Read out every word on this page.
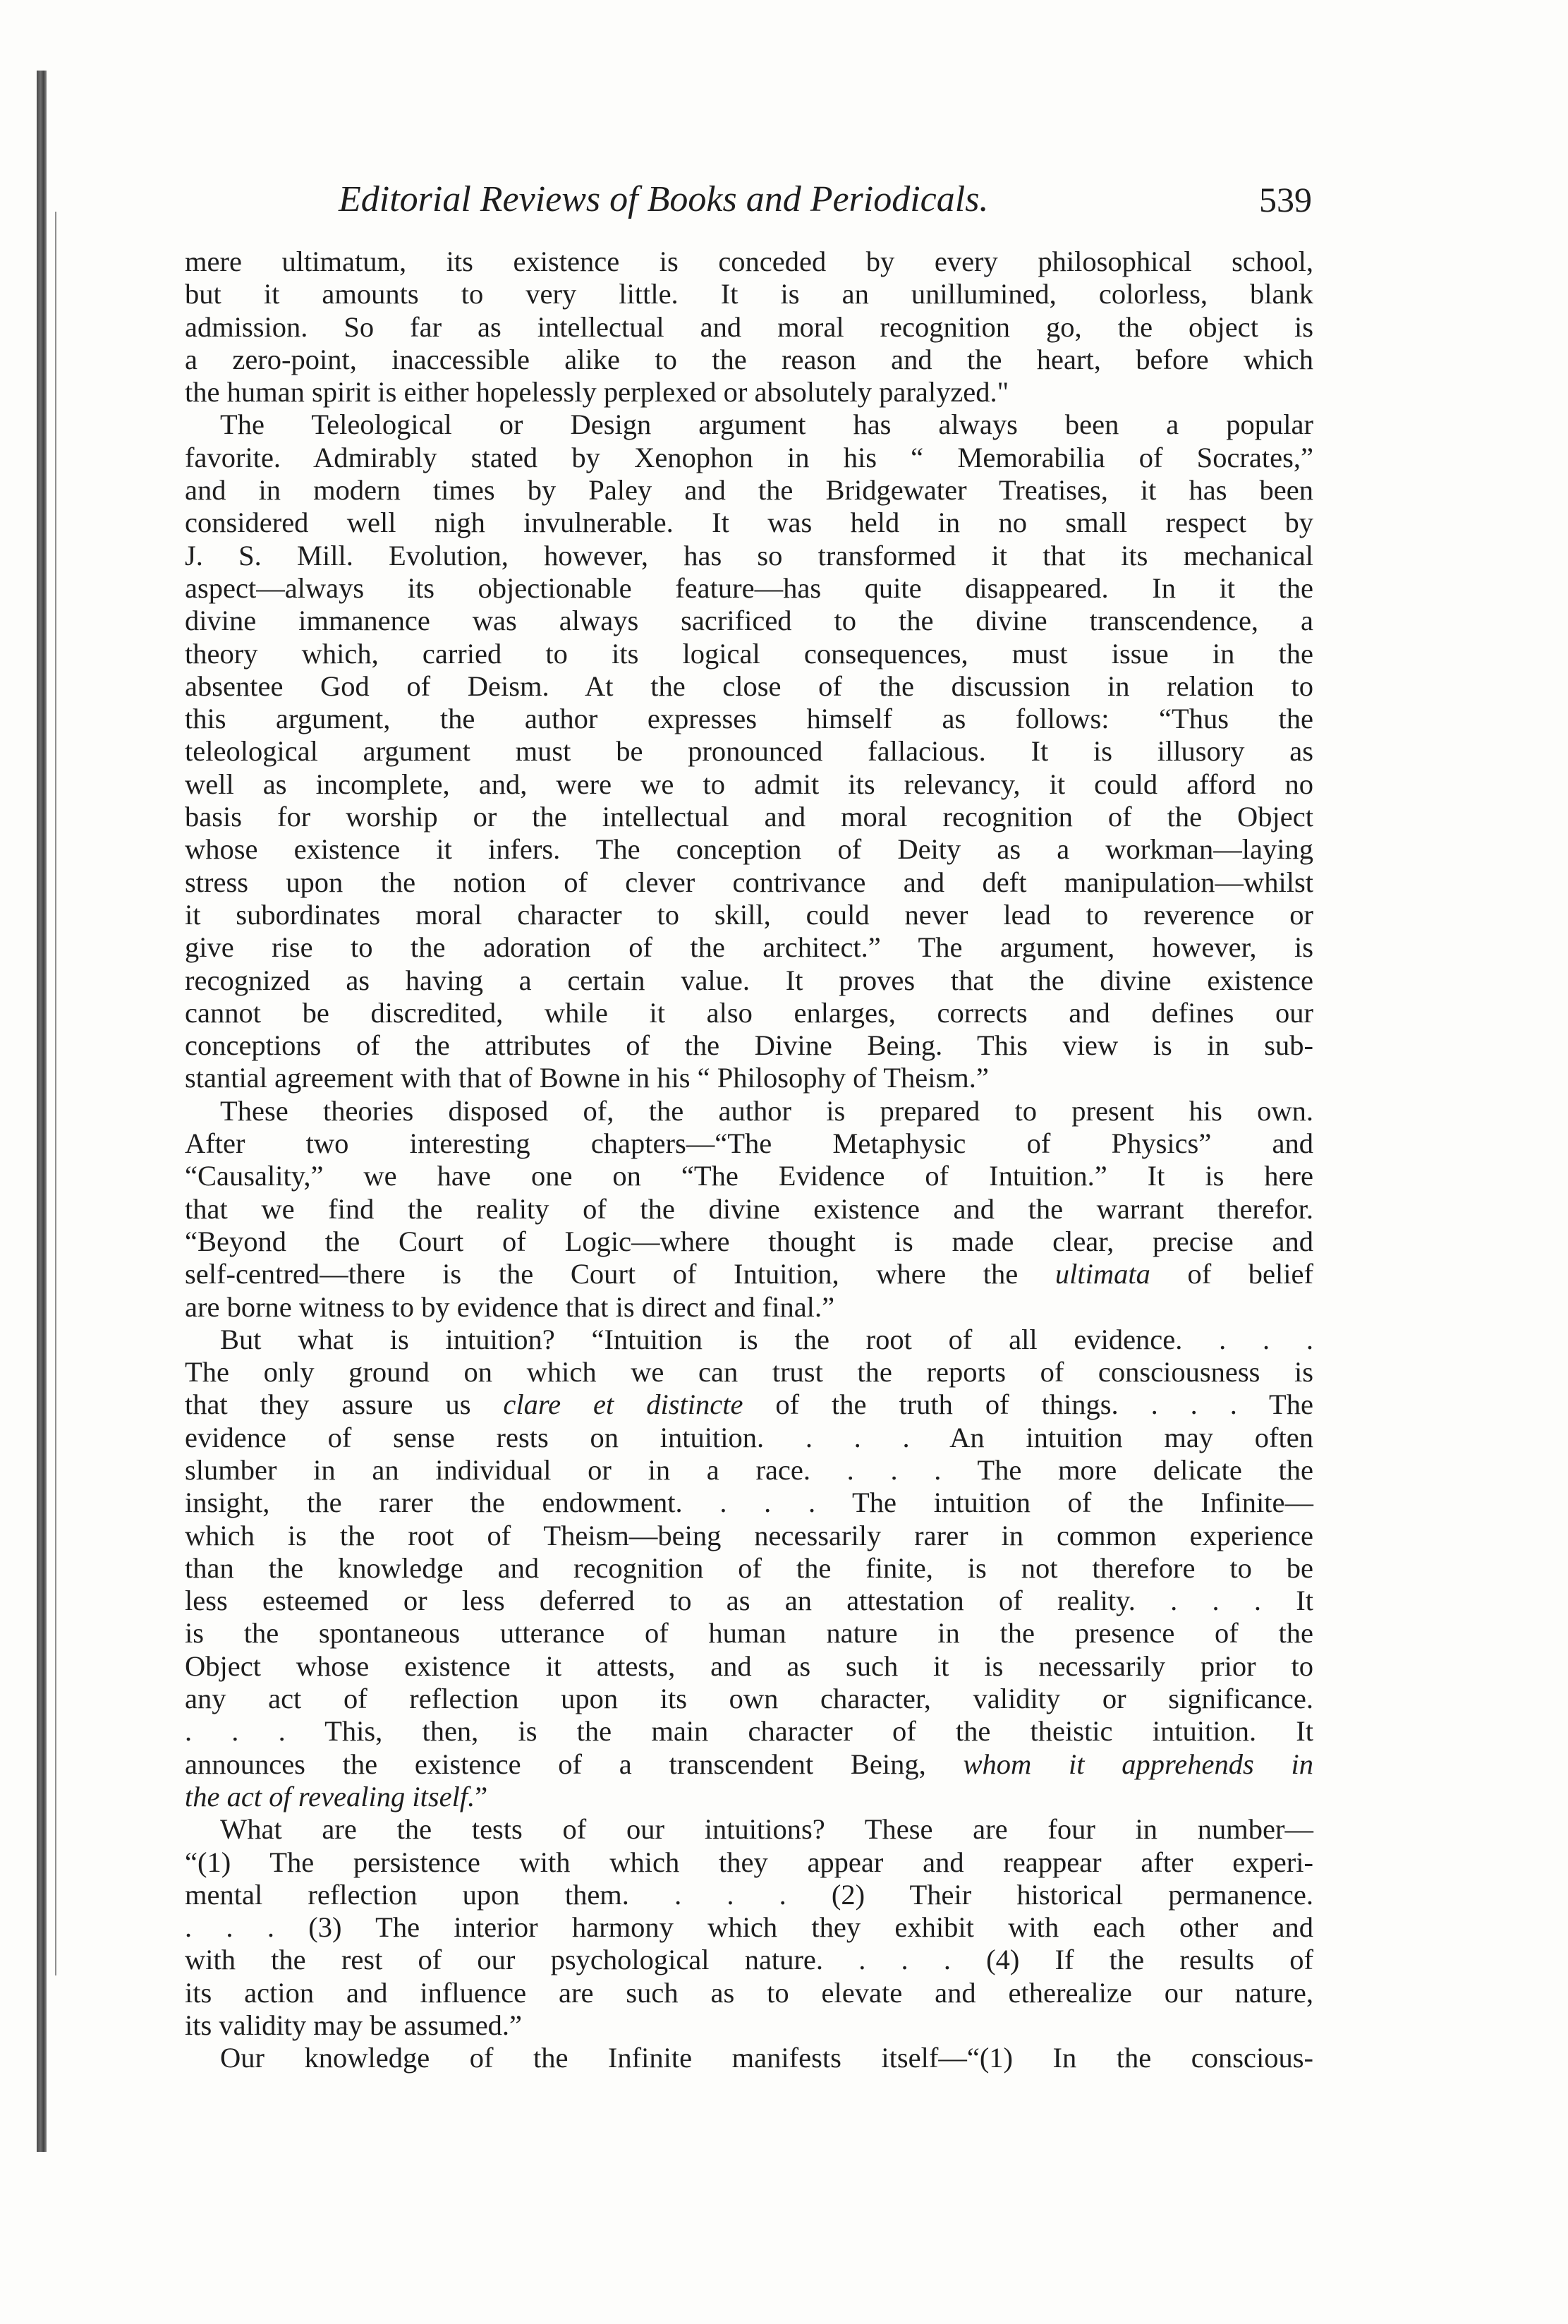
Editorial Reviews of Books and Periodicals.	539
mere ultimatum, its existence is conceded by every philosophical school,
but it amounts to very little. It is an unillumined, colorless, blank
admission. So far as intellectual and moral recognition go, the object is
a zero-point, inaccessible alike to the reason and the heart, before which
the human spirit is either hopelessly perplexed or absolutely paralyzed."
The Teleological or Design argument has always been a popular
favorite. Admirably stated by Xenophon in his “ Memorabilia of Socrates,”
and in modern times by Paley and the Bridgewater Treatises, it has been
considered well nigh invulnerable. It was held in no small respect by
J. S. Mill. Evolution, however, has so transformed it that its mechanical
aspect—always its objectionable feature—has quite disappeared. In it the
divine immanence was always sacrificed to the divine transcendence, a
theory which, carried to its logical consequences, must issue in the
absentee God of Deism. At the close of the discussion in relation to
this argument, the author expresses himself as follows: “Thus the
teleological argument must be pronounced fallacious. It is illusory as
well as incomplete, and, were we to admit its relevancy, it could afford no
basis for worship or the intellectual and moral recognition of the Object
whose existence it infers. The conception of Deity as a workman—laying
stress upon the notion of clever contrivance and deft manipulation—whilst
it subordinates moral character to skill, could never lead to reverence or
give rise to the adoration of the architect.” The argument, however, is
recognized as having a certain value. It proves that the divine existence
cannot be discredited, while it also enlarges, corrects and defines our
conceptions of the attributes of the Divine Being. This view is in sub-
stantial agreement with that of Bowne in his “ Philosophy of Theism.”
These theories disposed of, the author is prepared to present his own.
After two interesting chapters—“The Metaphysic of Physics” and
“Causality,” we have one on “The Evidence of Intuition.” It is here
that we find the reality of the divine existence and the warrant therefor.
“Beyond the Court of Logic—where thought is made clear, precise and
self-centred—there is the Court of Intuition, where the ultimata of belief
are borne witness to by evidence that is direct and final.”
But what is intuition? “Intuition is the root of all evidence. . . .
The only ground on which we can trust the reports of consciousness is
that they assure us clare et distincte of the truth of things. . . . The
evidence of sense rests on intuition. . . . An intuition may often
slumber in an individual or in a race. . . . The more delicate the
insight, the rarer the endowment. . . . The intuition of the Infinite—
which is the root of Theism—being necessarily rarer in common experience
than the knowledge and recognition of the finite, is not therefore to be
less esteemed or less deferred to as an attestation of reality. . . . It
is the spontaneous utterance of human nature in the presence of the
Object whose existence it attests, and as such it is necessarily prior to
any act of reflection upon its own character, validity or significance.
. . . This, then, is the main character of the theistic intuition. It
announces the existence of a transcendent Being, whom it apprehends in
the act of revealing itself.”
What are the tests of our intuitions? These are four in number—
“(1) The persistence with which they appear and reappear after experi-
mental reflection upon them. . . . (2) Their historical permanence.
. . . (3) The interior harmony which they exhibit with each other and
with the rest of our psychological nature. . . . (4) If the results of
its action and influence are such as to elevate and etherealize our nature,
its validity may be assumed.”
Our knowledge of the Infinite manifests itself—“(1) In the conscious-
